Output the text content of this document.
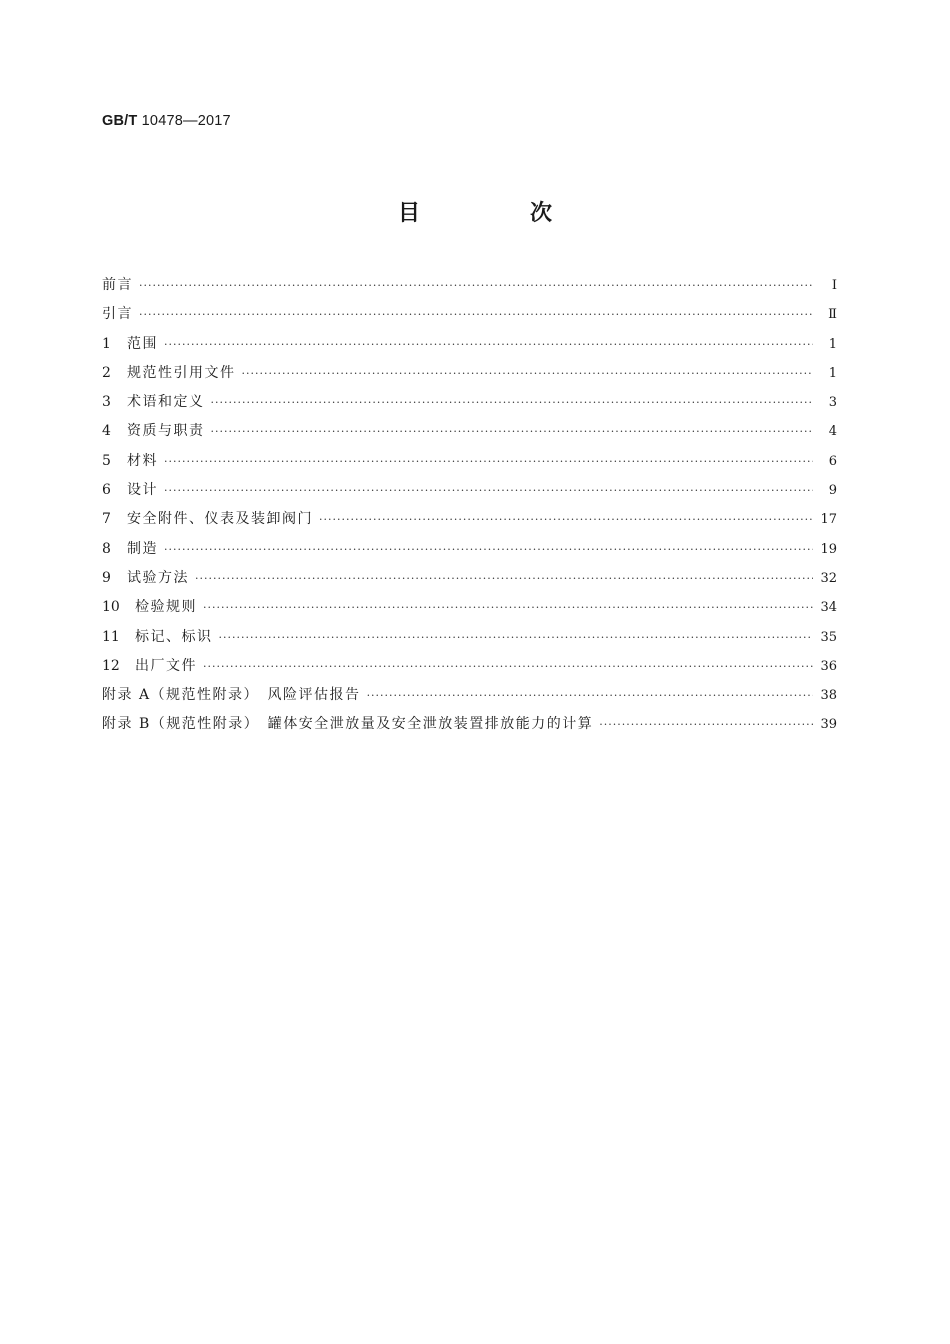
GB/T 10478—2017
目　次
前言 ·····	Ⅰ
引言 ·····	Ⅱ
1	范围 ·····	1
2	规范性引用文件 ·····	1
3	术语和定义 ·····	3
4	资质与职责 ·····	4
5	材料 ·····	6
6	设计 ·····	9
7	安全附件、仪表及装卸阀门 ·····	17
8	制造 ·····	19
9	试验方法 ·····	32
10	检验规则 ·····	34
11	标记、标识 ·····	35
12	出厂文件 ·····	36
附录 A（规范性附录）　风险评估报告 ·····	38
附录 B（规范性附录）　罐体安全泄放量及安全泄放装置排放能力的计算 ·····	39
